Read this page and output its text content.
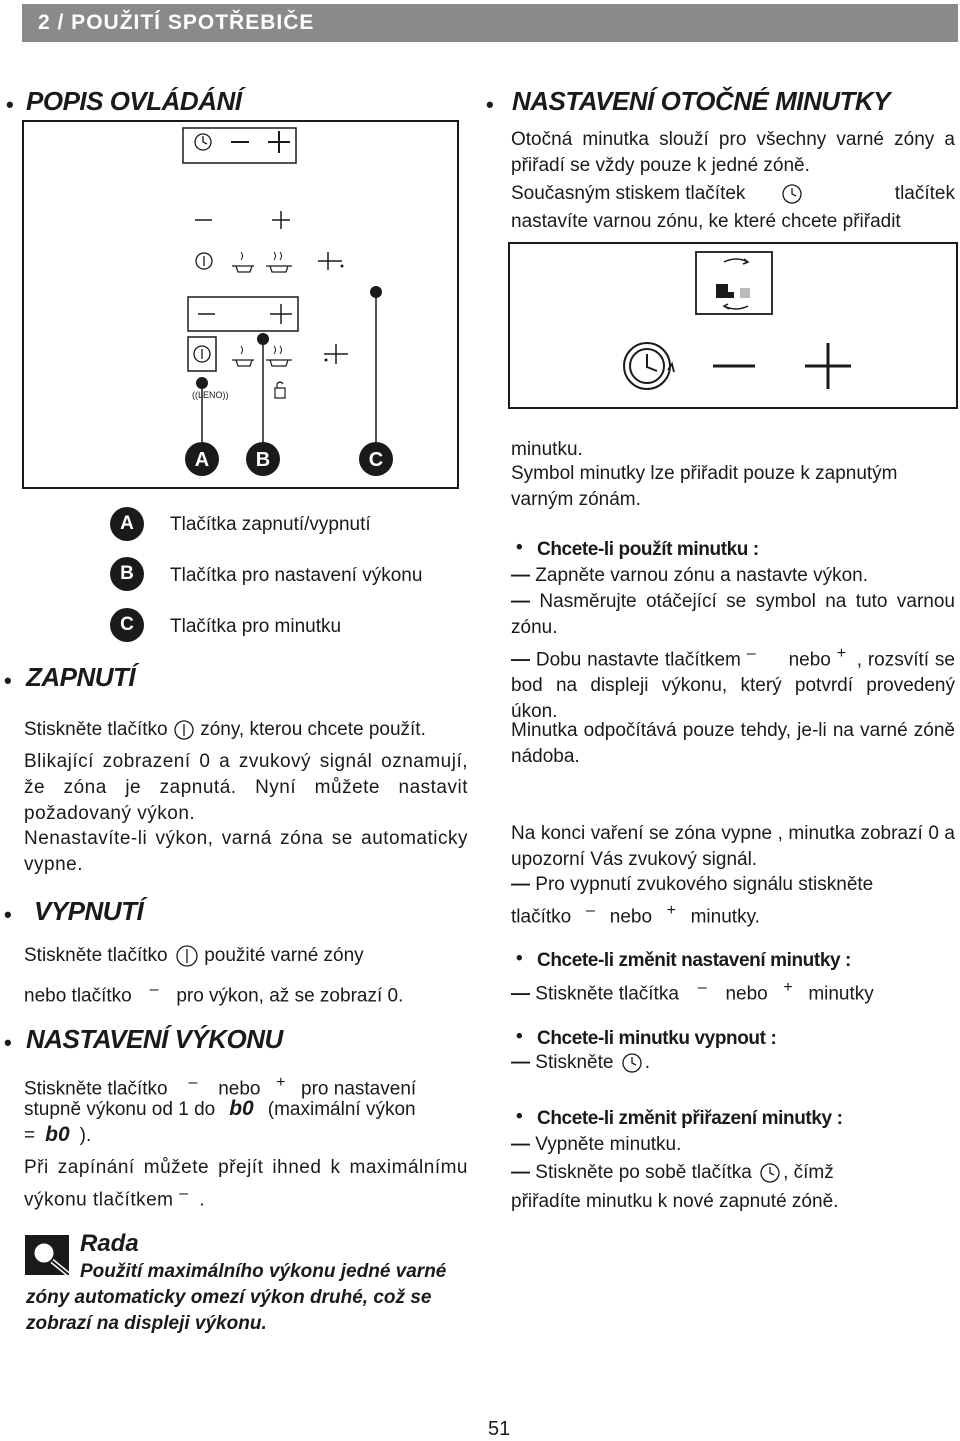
2 / POUŽITÍ SPOTŘEBIČE
• POPIS OVLÁDÁNÍ
((LENO))
A B	C
A	Tlačítka zapnutí/vypnutí
B	Tlačítka pro nastavení výkonu
C	Tlačítka pro minutku
• ZAPNUTÍ
Stiskněte tlačítko zóny, kterou chcete použít.
Blikající zobrazení 0 a zvukový signál oznamují, že zóna je zapnutá. Nyní můžete nastavit požadovaný výkon.
Nenastavíte-li výkon, varná zóna se automaticky vypne.
• VYPNUTÍ
Stiskněte tlačítko použité varné zóny
nebo tlačítko – pro výkon, až se zobrazí 0.
• NASTAVENÍ VÝKONU
Stiskněte tlačítko – nebo + pro nastavení
stupně výkonu od 1 do b0 (maximální výkon
= b0 ).
Při zapínání můžete přejít ihned k maximálnímu výkonu tlačítkem – .
Rada
Použití maximálního výkonu jedné varné zóny automaticky omezí výkon druhé, což se zobrazí na displeji výkonu.
• NASTAVENÍ OTOČNÉ MINUTKY
Otočná minutka slouží pro všechny varné zóny a přiřadí se vždy pouze k jedné zóně.
Současným stiskem tlačítek	tlačítek
nastavíte varnou zónu, ke které chcete přiřadit
minutku.
Symbol minutky lze přiřadit pouze k zapnutým varným zónám.
• Chcete-li použít minutku :
— Zapněte varnou zónu a nastavte výkon.
— Nasměrujte otáčející se symbol na tuto varnou zónu.
— Dobu nastavte tlačítkem – nebo + , rozsvítí se bod na displeji výkonu, který potvrdí provedený úkon.
Minutka odpočítává pouze tehdy, je-li na varné zóně nádoba.
Na konci vaření se zóna vypne , minutka zobrazí 0 a upozorní Vás zvukový signál.
— Pro vypnutí zvukového signálu stiskněte
tlačítko – nebo + minutky.
• Chcete-li změnit nastavení minutky :
— Stiskněte tlačítka – nebo + minutky
• Chcete-li minutku vypnout :
— Stiskněte .
• Chcete-li změnit přiřazení minutky :
— Vypněte minutku.
— Stiskněte po sobě tlačítka , čímž
přiřadíte minutku k nové zapnuté zóně.
51
